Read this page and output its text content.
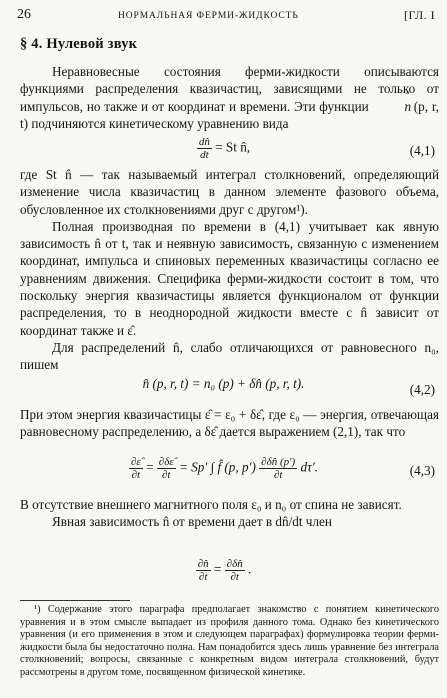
26	НОРМАЛЬНАЯ ФЕРМИ-ЖИДКОСТЬ	[ГЛ. I
§ 4. Нулевой звук
Неравновесные состояния ферми-жидкости описываются функциями распределения квазичастиц, зависящими не только от импульсов, но также и от координат и времени. Эти функции ˆ n  (p, r, t) подчиняются кинетическому уравнению вида
$\frac{dn̂}{dt} = St$ n̂,	(4,1)
где St n̂ — так называемый интеграл столкновений, определяющий изменение числа квазичастиц в данном элементе фазового объема, обусловленное их столкновениями друг с другом¹).
Полная производная по времени в (4,1) учитывает как явную зависимость n̂ от t, так и неявную зависимость, связанную с изменением координат, импульса и спиновых переменных квазичастицы согласно ее уравнениям движения. Специфика ферми-жидкости состоит в том, что поскольку энергия квазичастицы является функционалом от функции распределения, то в неоднородной жидкости вместе с n̂ зависит от координат также и ε̂.
Для распределений n̂, слабо отличающихся от равновесного n₀, пишем
n̂ (p, r, t) = n₀ (p) + δn̂ (p, r, t).	(4,2)
При этом энергия квазичастицы ε̂ = ε₀ + δε̂, где ε₀ — энергия, отвечающая равновесному распределению, а δε̂ дается выражением (2,1), так что
$\frac{\partial\varepsilon̂}{\partial t} = \frac{\partial\delta\varepsilon̂}{\partial t} = Sp'$ ∫ f̂ (p, $p') \frac{\partial\delta n̂ (p')}{\partial t} d\tau'$.	(4,3)
В отсутствие внешнего магнитного поля ε₀ и n₀ от спина не зависят.
Явная зависимость n̂ от времени дает в dn̂/dt член
$\frac{\partial n̂}{\partial t} = \frac{\partial\delta n̂}{\partial t}$ .
¹) Содержание этого параграфа предполагает знакомство с понятием кинетического уравнения и в этом смысле выпадает из профиля данного тома. Однако без кинетического уравнения (и его применения в этом и следующем параграфах) формулировка теории ферми-жидкости была бы недостаточно полна. Нам понадобится здесь лишь уравнение без интеграла столкновений; вопросы, связанные с конкретным видом интеграла столкновений, будут рассмотрены в другом томе, посвященном физической кинетике.
